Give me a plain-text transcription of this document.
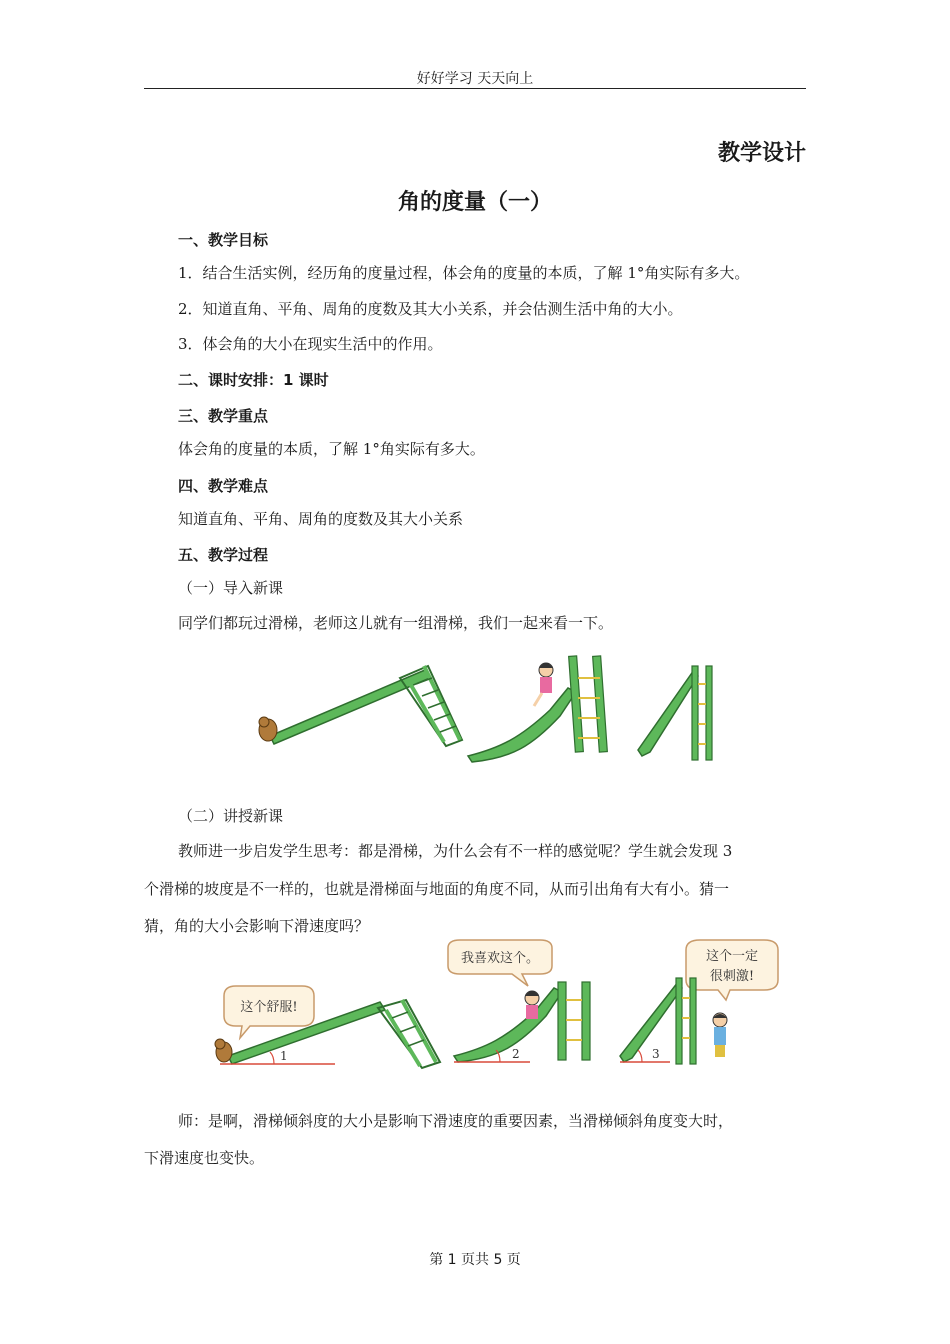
好好学习 天天向上
教学设计
角的度量（一）
一、教学目标
1．结合生活实例，经历角的度量过程，体会角的度量的本质，了解 1°角实际有多大。
2．知道直角、平角、周角的度数及其大小关系，并会估测生活中角的大小。
3．体会角的大小在现实生活中的作用。
二、课时安排：1 课时
三、教学重点
体会角的度量的本质，了解 1°角实际有多大。
四、教学难点
知道直角、平角、周角的度数及其大小关系
五、教学过程
（一）导入新课
同学们都玩过滑梯，老师这儿就有一组滑梯，我们一起来看一下。
（二）讲授新课
教师进一步启发学生思考：都是滑梯，为什么会有不一样的感觉呢？学生就会发现 3
个滑梯的坡度是不一样的，也就是滑梯面与地面的角度不同，从而引出角有大有小。猜一
猜，角的大小会影响下滑速度吗？
这个舒服!
1
我喜欢这个。
2
这个一定
很刺激!
3
师：是啊，滑梯倾斜度的大小是影响下滑速度的重要因素，当滑梯倾斜角度变大时，
下滑速度也变快。
第 1 页共 5 页
